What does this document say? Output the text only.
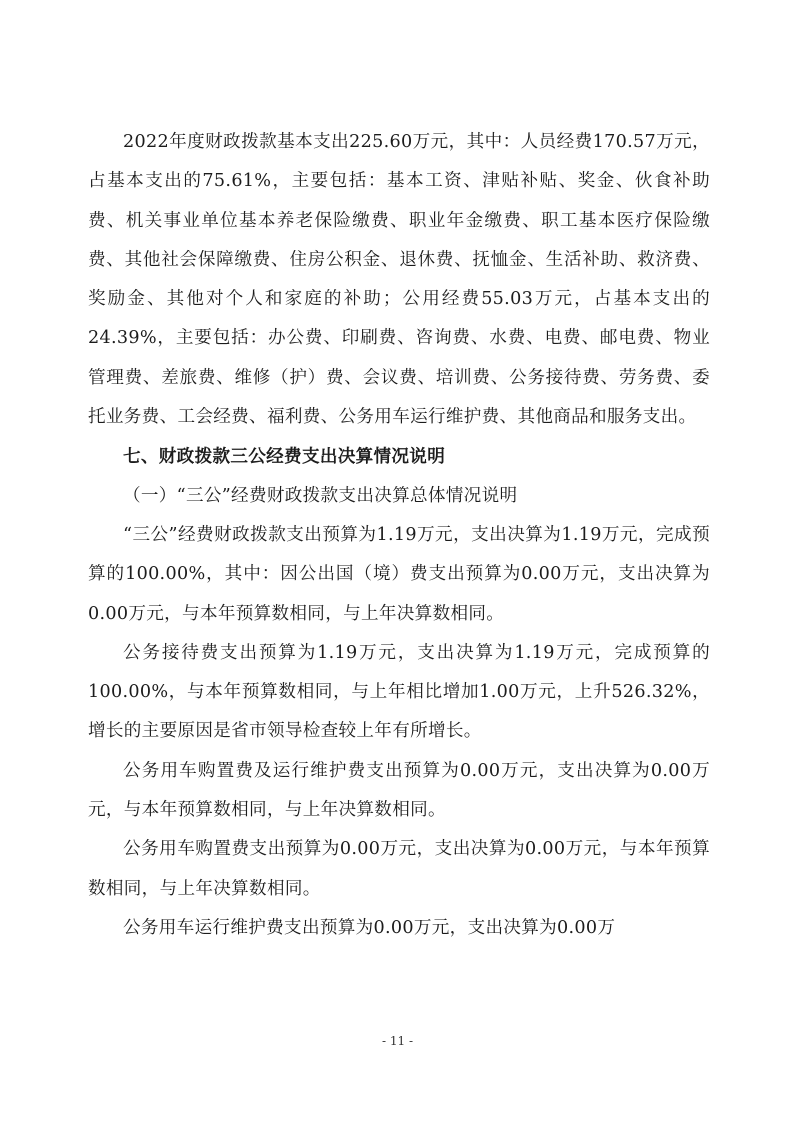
2022年度财政拨款基本支出225.60万元，其中：人员经费170.57万元，占基本支出的75.61%，主要包括：基本工资、津贴补贴、奖金、伙食补助费、机关事业单位基本养老保险缴费、职业年金缴费、职工基本医疗保险缴费、其他社会保障缴费、住房公积金、退休费、抚恤金、生活补助、救济费、奖励金、其他对个人和家庭的补助；公用经费55.03万元，占基本支出的24.39%，主要包括：办公费、印刷费、咨询费、水费、电费、邮电费、物业管理费、差旅费、维修（护）费、会议费、培训费、公务接待费、劳务费、委托业务费、工会经费、福利费、公务用车运行维护费、其他商品和服务支出。

七、财政拨款三公经费支出决算情况说明

（一）“三公”经费财政拨款支出决算总体情况说明

“三公”经费财政拨款支出预算为1.19万元，支出决算为1.19万元，完成预算的100.00%，其中：因公出国（境）费支出预算为0.00万元，支出决算为0.00万元，与本年预算数相同，与上年决算数相同。

公务接待费支出预算为1.19万元，支出决算为1.19万元，完成预算的100.00%，与本年预算数相同，与上年相比增加1.00万元，上升526.32%，增长的主要原因是省市领导检查较上年有所增长。

公务用车购置费及运行维护费支出预算为0.00万元，支出决算为0.00万元，与本年预算数相同，与上年决算数相同。

公务用车购置费支出预算为0.00万元，支出决算为0.00万元，与本年预算数相同，与上年决算数相同。

公务用车运行维护费支出预算为0.00万元，支出决算为0.00万

- 11 -
